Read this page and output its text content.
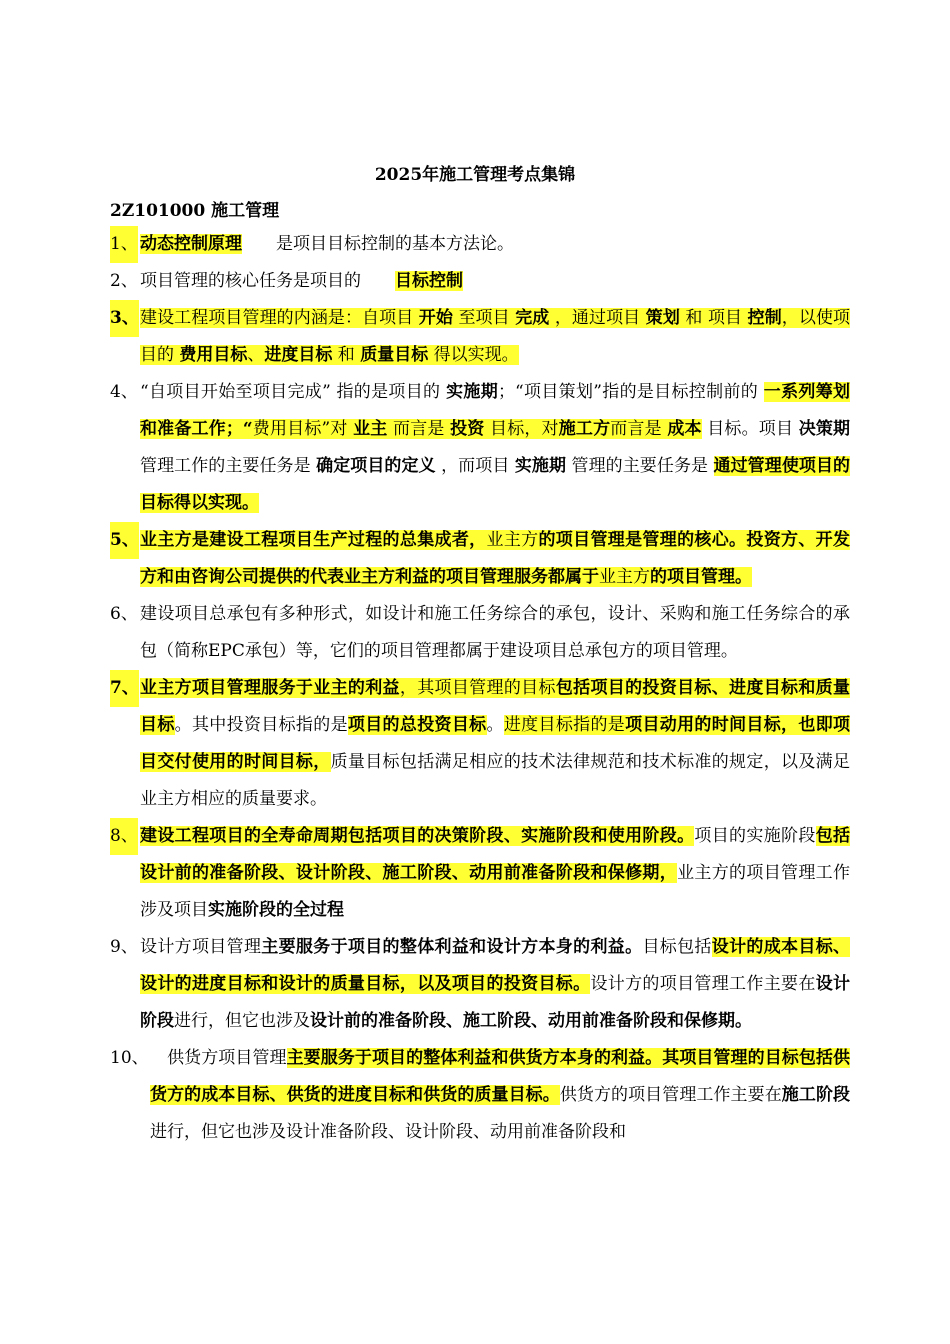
2025年施工管理考点集锦
2Z101000 施工管理
1、 动态控制原理　　是项目目标控制的基本方法论。
2、 项目管理的核心任务是项目的　　目标控制
3、 建设工程项目管理的内涵是：自项目 开始 至项目 完成 ，通过项目 策划 和 项目 控制，以使项目的 费用目标、进度目标 和 质量目标 得以实现。
4、 “自项目开始至项目完成” 指的是项目的 实施期；“项目策划”指的是目标控制前的 一系列筹划和准备工作；“费用目标”对 业主 而言是 投资 目标，对施工方而言是 成本 目标。项目 决策期 管理工作的主要任务是 确定项目的定义 ，而项目 实施期 管理的主要任务是 通过管理使项目的目标得以实现。
5、 业主方是建设工程项目生产过程的总集成者，业主方的项目管理是管理的核心。投资方、开发方和由咨询公司提供的代表业主方利益的项目管理服务都属于业主方的项目管理。
6、 建设项目总承包有多种形式，如设计和施工任务综合的承包，设计、采购和施工任务综合的承包（简称EPC承包）等，它们的项目管理都属于建设项目总承包方的项目管理。
7、 业主方项目管理服务于业主的利益，其项目管理的目标包括项目的投资目标、进度目标和质量目标。其中投资目标指的是项目的总投资目标。进度目标指的是项目动用的时间目标，也即项目交付使用的时间目标，质量目标包括满足相应的技术法律规范和技术标准的规定，以及满足业主方相应的质量要求。
8、 建设工程项目的全寿命周期包括项目的决策阶段、实施阶段和使用阶段。项目的实施阶段包括设计前的准备阶段、设计阶段、施工阶段、动用前准备阶段和保修期，业主方的项目管理工作涉及项目实施阶段的全过程
9、 设计方项目管理主要服务于项目的整体利益和设计方本身的利益。目标包括设计的成本目标、设计的进度目标和设计的质量目标，以及项目的投资目标。设计方的项目管理工作主要在设计阶段进行，但它也涉及设计前的准备阶段、施工阶段、动用前准备阶段和保修期。
10、 　供货方项目管理主要服务于项目的整体利益和供货方本身的利益。其项目管理的目标包括供货方的成本目标、供货的进度目标和供货的质量目标。供货方的项目管理工作主要在施工阶段进行，但它也涉及设计准备阶段、设计阶段、动用前准备阶段和
